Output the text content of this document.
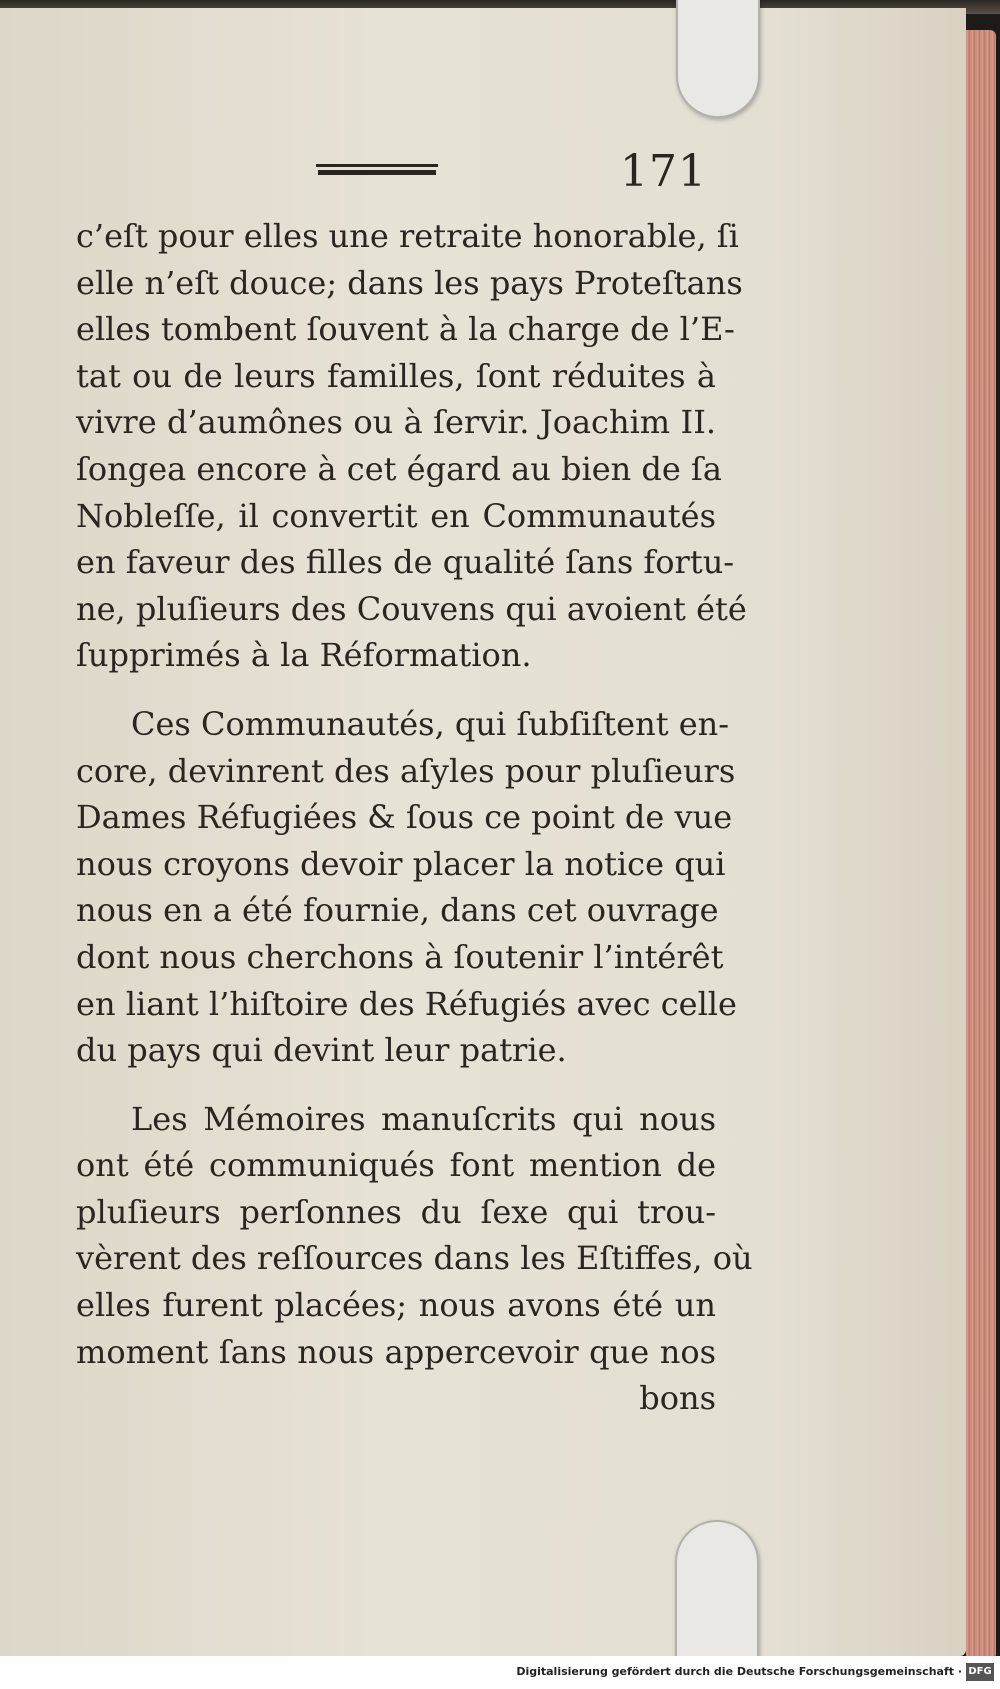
171
c’eſt pour elles une retraite honorable, ſi
elle n’eſt douce; dans les pays Proteſtans
elles tombent ſouvent à la charge de l’E-
tat ou de leurs familles, ſont réduites à
vivre d’aumônes ou à ſervir. Joachim II.
ſongea encore à cet égard au bien de ſa
Nobleſſe, il convertit en Communautés
en faveur des filles de qualité ſans fortu-
ne, pluſieurs des Couvens qui avoient été
ſupprimés à la Réformation.
Ces Communautés, qui ſubſiſtent en-
core, devinrent des aſyles pour pluſieurs
Dames Réfugiées & ſous ce point de vue
nous croyons devoir placer la notice qui
nous en a été fournie, dans cet ouvrage
dont nous cherchons à ſoutenir l’intérêt
en liant l’hiſtoire des Réfugiés avec celle
du pays qui devint leur patrie.
Les Mémoires manuſcrits qui nous
ont été communiqués font mention de
pluſieurs perſonnes du ſexe qui trou-
vèrent des reſſources dans les Eſtiffes, où
elles furent placées; nous avons été un
moment ſans nous appercevoir que nos
bons
Digitalisierung gefördert durch die Deutsche Forschungsgemeinschaft · DFG
